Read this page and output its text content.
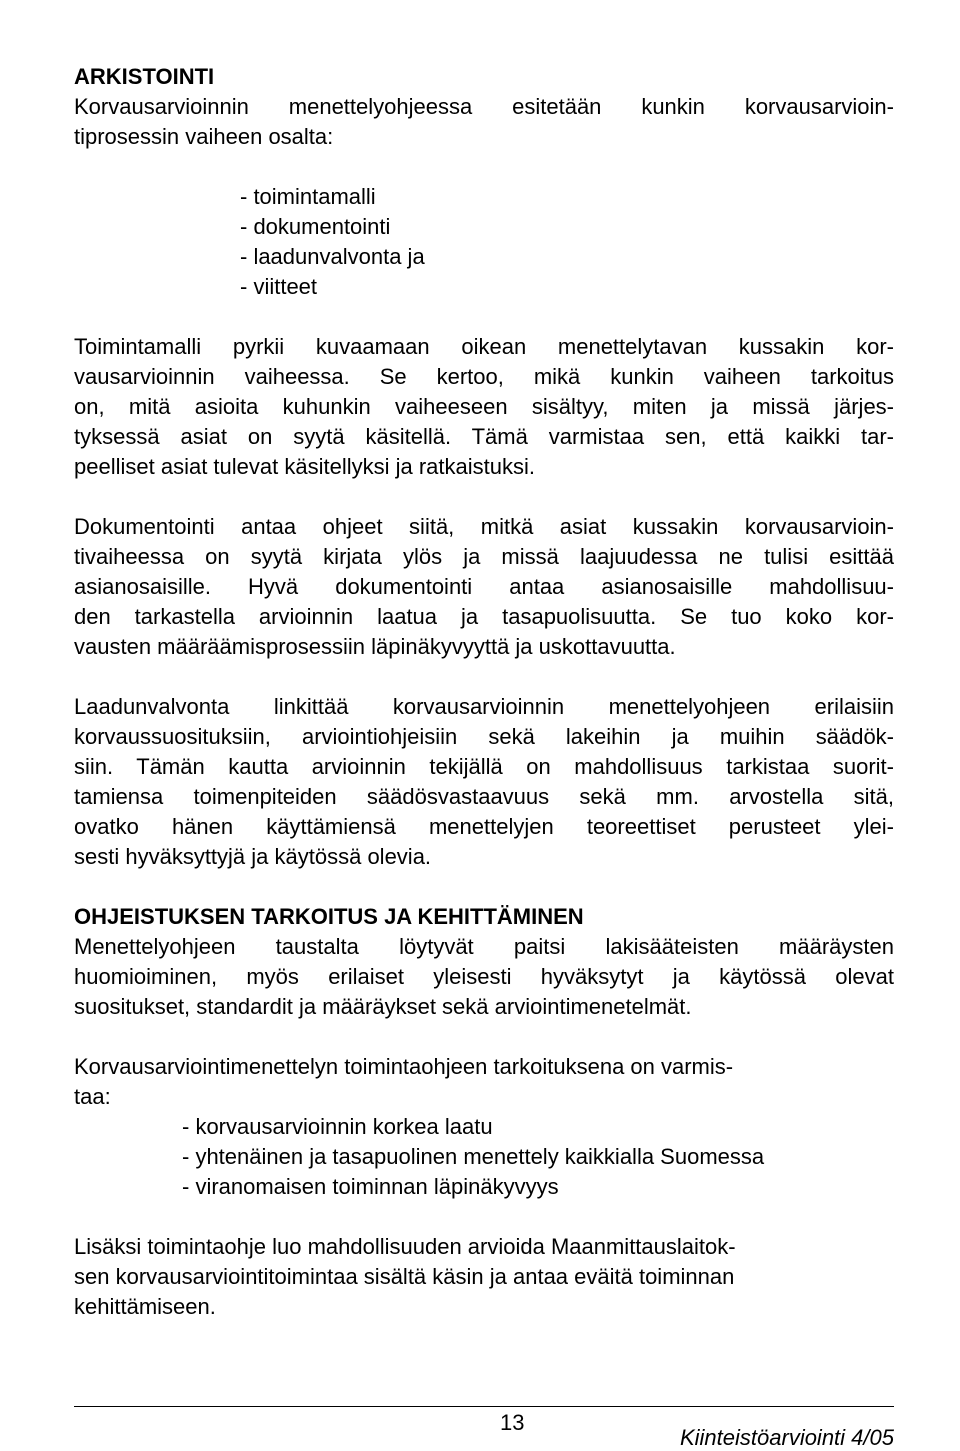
ARKISTOINTI
Korvausarvioinnin menettelyohjeessa esitetään kunkin korvausarvioin-
tiprosessin vaiheen osalta:
- toimintamalli
- dokumentointi
- laadunvalvonta ja
- viitteet
Toimintamalli pyrkii kuvaamaan oikean menettelytavan kussakin kor-
vausarvioinnin vaiheessa. Se kertoo, mikä kunkin vaiheen tarkoitus
on, mitä asioita kuhunkin vaiheeseen sisältyy, miten ja missä järjes-
tyksessä asiat on syytä käsitellä. Tämä varmistaa sen, että kaikki tar-
peelliset asiat tulevat käsitellyksi ja ratkaistuksi.
Dokumentointi antaa ohjeet siitä, mitkä asiat kussakin korvausarvioin-
tivaiheessa on syytä kirjata ylös ja missä laajuudessa ne tulisi esittää
asianosaisille. Hyvä dokumentointi antaa asianosaisille mahdollisuu-
den tarkastella arvioinnin laatua ja tasapuolisuutta. Se tuo koko kor-
vausten määräämisprosessiin läpinäkyvyyttä ja uskottavuutta.
Laadunvalvonta linkittää korvausarvioinnin menettelyohjeen erilaisiin
korvaussuosituksiin, arviointiohjeisiin sekä lakeihin ja muihin säädök-
siin. Tämän kautta arvioinnin tekijällä on mahdollisuus tarkistaa suorit-
tamiensa toimenpiteiden säädösvastaavuus sekä mm. arvostella sitä,
ovatko hänen käyttämiensä menettelyjen teoreettiset perusteet ylei-
sesti hyväksyttyjä ja käytössä olevia.
OHJEISTUKSEN TARKOITUS JA KEHITTÄMINEN
Menettelyohjeen taustalta löytyvät paitsi lakisääteisten määräysten
huomioiminen, myös erilaiset yleisesti hyväksytyt ja käytössä olevat
suositukset, standardit ja määräykset sekä arviointimenetelmät.
Korvausarviointimenettelyn toimintaohjeen tarkoituksena on varmis-
taa:
- korvausarvioinnin korkea laatu
- yhtenäinen ja tasapuolinen menettely kaikkialla Suomessa
- viranomaisen toiminnan läpinäkyvyys
Lisäksi toimintaohje luo mahdollisuuden arvioida Maanmittauslaitok-
sen korvausarviointitoimintaa sisältä käsin ja antaa eväitä toiminnan
kehittämiseen.
13
Kiinteistöarviointi 4/05
